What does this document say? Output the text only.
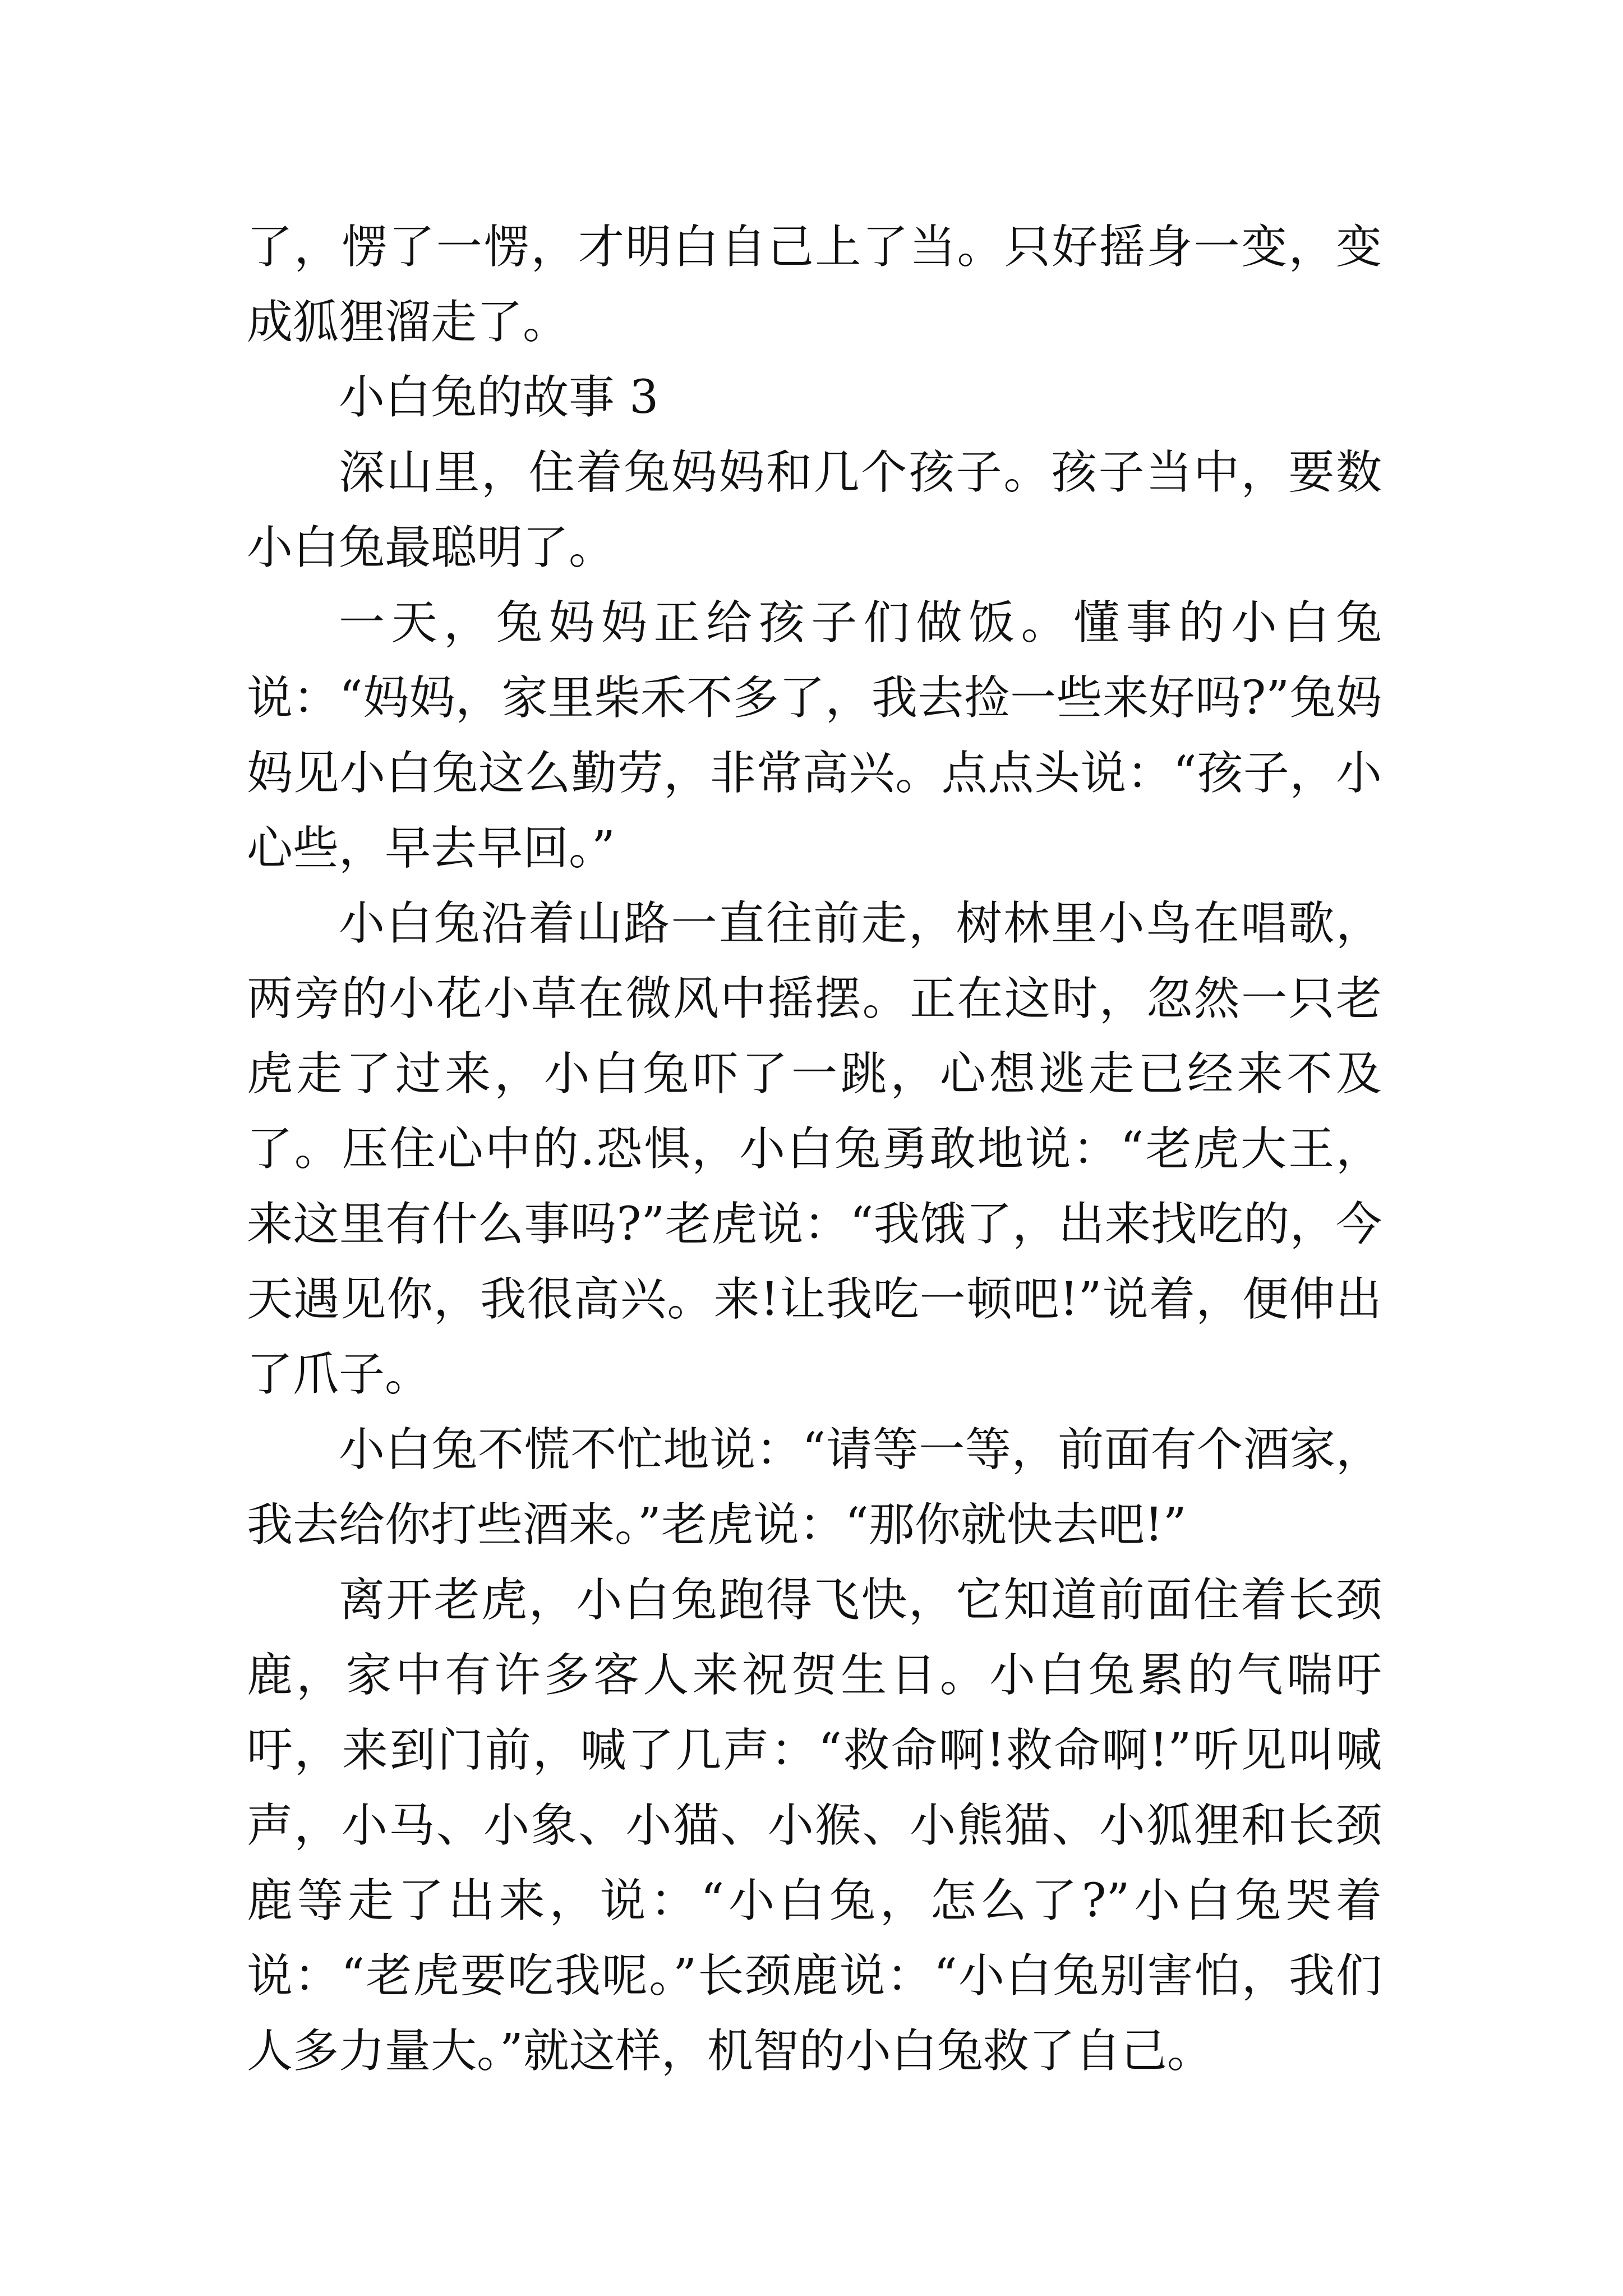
了，愣了一愣，才明白自己上了当。只好摇身一变，变成狐狸溜走了。

小白兔的故事 3

深山里，住着兔妈妈和几个孩子。孩子当中，要数小白兔最聪明了。

一天，兔妈妈正给孩子们做饭。懂事的小白兔说：“妈妈，家里柴禾不多了，我去捡一些来好吗?”兔妈妈见小白兔这么勤劳，非常高兴。点点头说：“孩子，小心些，早去早回。”

小白兔沿着山路一直往前走，树林里小鸟在唱歌，两旁的小花小草在微风中摇摆。正在这时，忽然一只老虎走了过来，小白兔吓了一跳，心想逃走已经来不及了。压住心中的.恐惧，小白兔勇敢地说：“老虎大王，来这里有什么事吗?”老虎说：“我饿了，出来找吃的，今天遇见你，我很高兴。来!让我吃一顿吧!”说着，便伸出了爪子。

小白兔不慌不忙地说：“请等一等，前面有个酒家，我去给你打些酒来。”老虎说：“那你就快去吧!”

离开老虎，小白兔跑得飞快，它知道前面住着长颈鹿，家中有许多客人来祝贺生日。小白兔累的气喘吁吁，来到门前，喊了几声：“救命啊!救命啊!”听见叫喊声，小马、小象、小猫、小猴、小熊猫、小狐狸和长颈鹿等走了出来，说：“小白兔，怎么了?”小白兔哭着说：“老虎要吃我呢。”长颈鹿说：“小白兔别害怕，我们人多力量大。”就这样，机智的小白兔救了自己。
